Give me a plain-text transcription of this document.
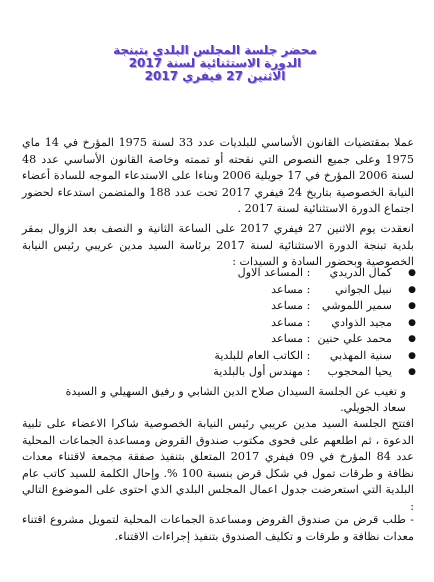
محضر جلسة المجلس البلدي بتبنجة
الدورة الاستثنائية لسنة 2017
الاثنين 27 فيفري 2017

عملا بمقتضيات القانون الأساسي للبلديات عدد 33 لسنة 1975 المؤرخ في 14 ماي 1975 وعلى جميع النصوص التي نقحته أو تممته وخاصة القانون الأساسي عدد 48 لسنة 2006 المؤرخ في 17 جويلية 2006 وبناءا على الاستدعاء الموجه للسادة أعضاء النيابة الخصوصية بتاريخ 24 فيفري 2017 تحت عدد 188 والمتضمن استدعاء لحضور اجتماع الدورة الاستثنائية لسنة 2017 .

انعقدت يوم الاثنين 27 فيفري 2017 على الساعة الثانية و النصف بعد الزوال بمقر بلدية تبنجة الدورة الاستثنائية لسنة 2017 برئاسة السيد مدين عريبي رئيس النيابة الخصوصية وبحضور السادة و السيدات :

● كمال الدريدي : المساعد الاول
● نبيل الجواني : مساعد
● سمير اللموشي : مساعد
● مجيد الذوادي : مساعد
● محمد علي حنين : مساعد
● سنية المهذبي : الكاتب العام للبلدية
● يحيا المحجوب : مهندس أول بالبلدية

و تغيب عن الجلسة السيدان صلاح الدين الشابي و رفيق السهيلي و السيدة سعاد الجويلي.

افتتح الجلسة السيد مدين عريبي رئيس النيابة الخصوصية شاكرا الاعضاء على تلبية الدعوة ، ثم اطلعهم على فحوى مكتوب صندوق القروض ومساعدة الجماعات المحلية عدد 84 المؤرخ في 09 فيفري 2017 المتعلق بتنفيذ صفقة مجمعة لاقتناء معدات نظافة و طرقات تمول في شكل قرض بنسبة 100 %. وإحال الكلمة للسيد كاتب عام البلدية التي استعرضت جدول اعمال المجلس البلدي الذي احتوى على الموضوع التالي :

- طلب قرض من صندوق القروض ومساعدة الجماعات المحلية لتمويل مشروع اقتناء معدات نظافة و طرقات و تكليف الصندوق بتنفيذ إجراءات الاقتناء.
